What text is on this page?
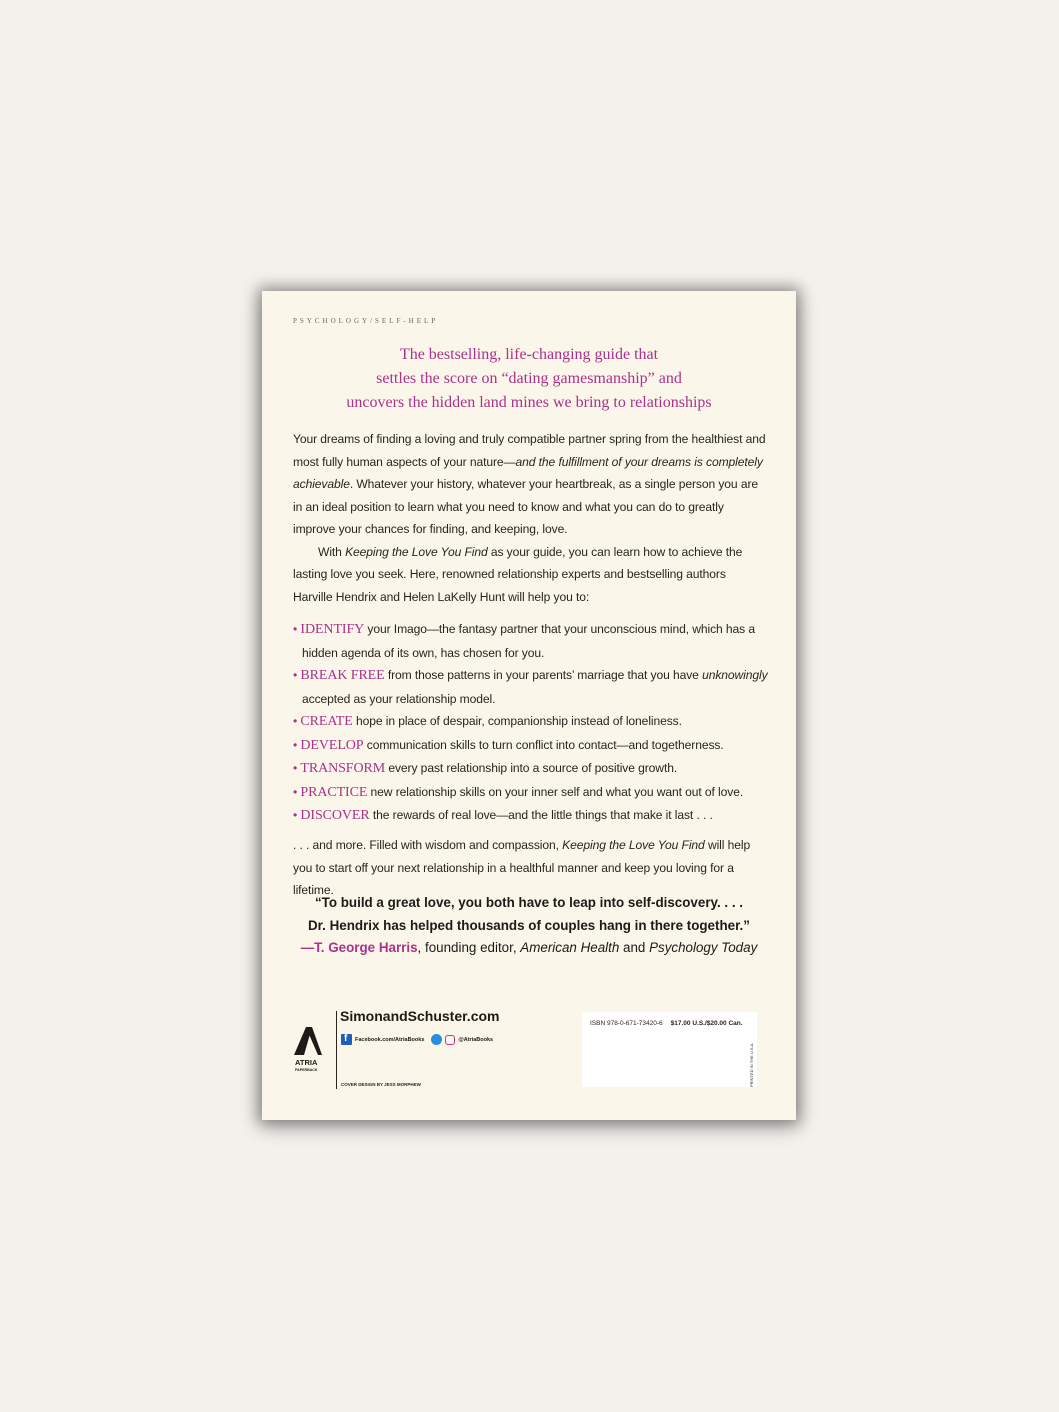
PSYCHOLOGY/SELF-HELP
The bestselling, life-changing guide that
settles the score on “dating gamesmanship” and
uncovers the hidden land mines we bring to relationships

Your dreams of finding a loving and truly compatible partner spring from the healthiest and most fully human aspects of your nature—and the fulfillment of your dreams is completely achievable. Whatever your history, whatever your heartbreak, as a single person you are in an ideal position to learn what you need to know and what you can do to greatly improve your chances for finding, and keeping, love.

With Keeping the Love You Find as your guide, you can learn how to achieve the lasting love you seek. Here, renowned relationship experts and bestselling authors Harville Hendrix and Helen LaKelly Hunt will help you to:

• IDENTIFY your Imago—the fantasy partner that your unconscious mind, which has a hidden agenda of its own, has chosen for you.
• BREAK FREE from those patterns in your parents’ marriage that you have unknowingly accepted as your relationship model.
• CREATE hope in place of despair, companionship instead of loneliness.
• DEVELOP communication skills to turn conflict into contact—and togetherness.
• TRANSFORM every past relationship into a source of positive growth.
• PRACTICE new relationship skills on your inner self and what you want out of love.
• DISCOVER the rewards of real love—and the little things that make it last . . .
. . . and more. Filled with wisdom and compassion, Keeping the Love You Find will help you to start off your next relationship in a healthful manner and keep you loving for a lifetime.
“To build a great love, you both have to leap into self-discovery. . . .
Dr. Hendrix has helped thousands of couples hang in there together.”
—T. George Harris, founding editor, American Health and Psychology Today
ATRIA
PAPERBACK
SimonandSchuster.com
f
Facebook.com/AtriaBooks	@AtriaBooks
COVER DESIGN BY JESS MORPHEW
ISBN 978-0-671-73420-6 $17.00 U.S./$20.00 Can.
PRINTED IN THE U.S.A.
